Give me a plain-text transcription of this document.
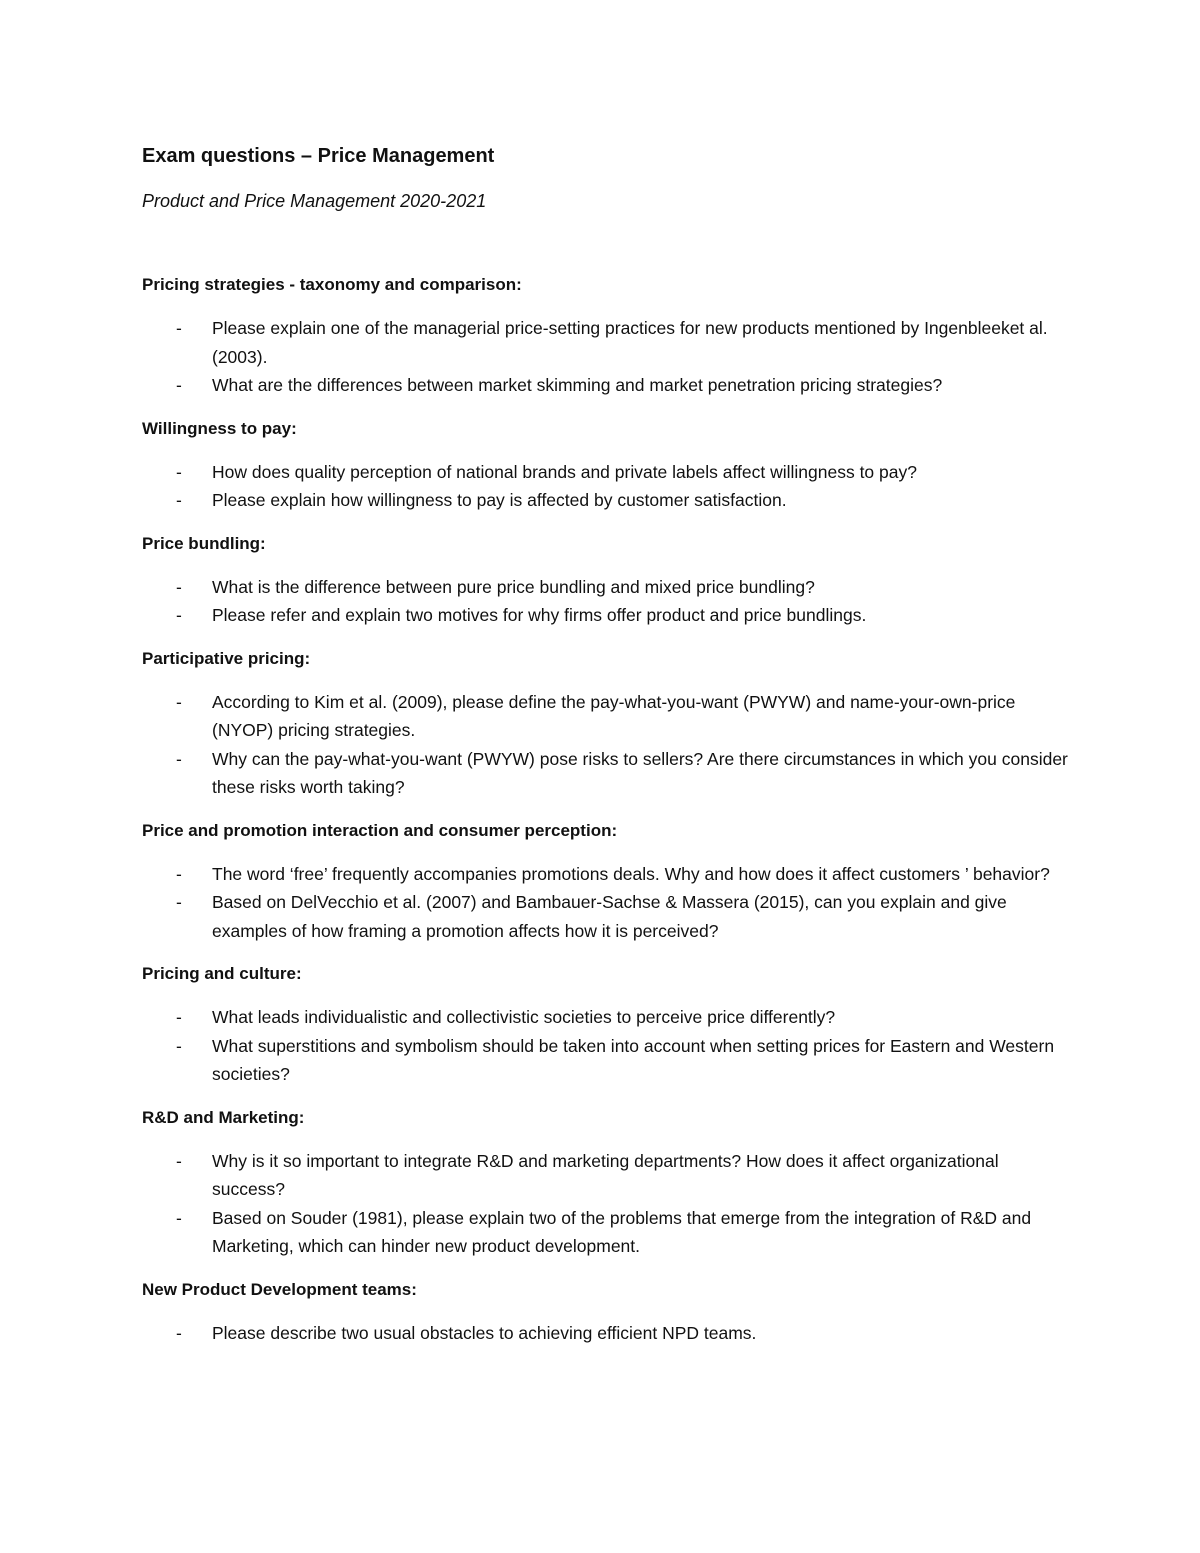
Exam questions – Price Management

Product and Price Management 2020-2021

Pricing strategies - taxonomy and comparison:

- Please explain one of the managerial price-setting practices for new products mentioned by Ingenbleeket al. (2003).
- What are the differences between market skimming and market penetration pricing strategies?

Willingness to pay:

- How does quality perception of national brands and private labels affect willingness to pay?
- Please explain how willingness to pay is affected by customer satisfaction.

Price bundling:

- What is the difference between pure price bundling and mixed price bundling?
- Please refer and explain two motives for why firms offer product and price bundlings.

Participative pricing:

- According to Kim et al. (2009), please define the pay-what-you-want (PWYW) and name-your-own-price (NYOP) pricing strategies.
- Why can the pay-what-you-want (PWYW) pose risks to sellers? Are there circumstances in which you consider these risks worth taking?

Price and promotion interaction and consumer perception:

- The word ‘free’ frequently accompanies promotions deals. Why and how does it affect customers ’ behavior?
- Based on DelVecchio et al. (2007) and Bambauer-Sachse & Massera (2015), can you explain and give examples of how framing a promotion affects how it is perceived?

Pricing and culture:

- What leads individualistic and collectivistic societies to perceive price differently?
- What superstitions and symbolism should be taken into account when setting prices for Eastern and Western societies?

R&D and Marketing:

- Why is it so important to integrate R&D and marketing departments? How does it affect organizational success?
- Based on Souder (1981), please explain two of the problems that emerge from the integration of R&D and Marketing, which can hinder new product development.

New Product Development teams:

- Please describe two usual obstacles to achieving efficient NPD teams.
